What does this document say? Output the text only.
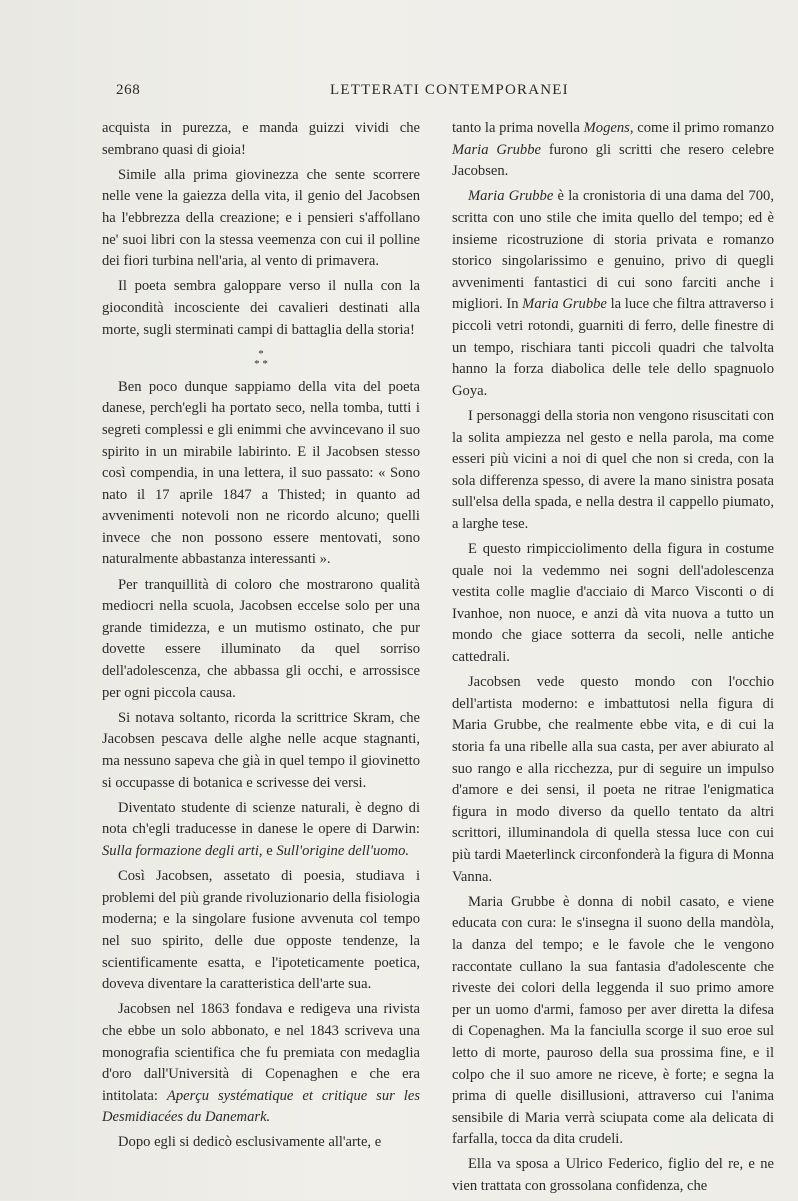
268	LETTERATI CONTEMPORANEI

acquista in purezza, e manda guizzi vividi che sembrano quasi di gioia!

Simile alla prima giovinezza che sente scorrere nelle vene la gaiezza della vita, il genio del Jacobsen ha l'ebbrezza della creazione; e i pensieri s'affollano ne' suoi libri con la stessa veemenza con cui il polline dei fiori turbina nell'aria, al vento di primavera.

Il poeta sembra galoppare verso il nulla con la giocondità incosciente dei cavalieri destinati alla morte, sugli sterminati campi di battaglia della storia!

*
* *

Ben poco dunque sappiamo della vita del poeta danese, perch'egli ha portato seco, nella tomba, tutti i segreti complessi e gli enimmi che avvincevano il suo spirito in un mirabile labirinto. E il Jacobsen stesso così compendia, in una lettera, il suo passato: « Sono nato il 17 aprile 1847 a Thisted; in quanto ad avvenimenti notevoli non ne ricordo alcuno; quelli invece che non possono essere mentovati, sono naturalmente abbastanza interessanti ».

Per tranquillità di coloro che mostrarono qualità mediocri nella scuola, Jacobsen eccelse solo per una grande timidezza, e un mutismo ostinato, che pur dovette essere illuminato da quel sorriso dell'adolescenza, che abbassa gli occhi, e arrossisce per ogni piccola causa.

Si notava soltanto, ricorda la scrittrice Skram, che Jacobsen pescava delle alghe nelle acque stagnanti, ma nessuno sapeva che già in quel tempo il giovinetto si occupasse di botanica e scrivesse dei versi.

Diventato studente di scienze naturali, è degno di nota ch'egli traducesse in danese le opere di Darwin: Sulla formazione degli arti, e Sull'origine dell'uomo.

Così Jacobsen, assetato di poesia, studiava i problemi del più grande rivoluzionario della fisiologia moderna; e la singolare fusione avvenuta col tempo nel suo spirito, delle due opposte tendenze, la scientificamente esatta, e l'ipoteticamente poetica, doveva diventare la caratteristica dell'arte sua.

Jacobsen nel 1863 fondava e redigeva una rivista che ebbe un solo abbonato, e nel 1843 scriveva una monografia scientifica che fu premiata con medaglia d'oro dall'Università di Copenaghen e che era intitolata: Aperçu systématique et critique sur les Desmidiacées du Danemark.

Dopo egli si dedicò esclusivamente all'arte, e

tanto la prima novella Mogens, come il primo romanzo Maria Grubbe furono gli scritti che resero celebre Jacobsen.

Maria Grubbe è la cronistoria di una dama del 700, scritta con uno stile che imita quello del tempo; ed è insieme ricostruzione di storia privata e romanzo storico singolarissimo e genuino, privo di quegli avvenimenti fantastici di cui sono farciti anche i migliori. In Maria Grubbe la luce che filtra attraverso i piccoli vetri rotondi, guarniti di ferro, delle finestre di un tempo, rischiara tanti piccoli quadri che talvolta hanno la forza diabolica delle tele dello spagnuolo Goya.

I personaggi della storia non vengono risuscitati con la solita ampiezza nel gesto e nella parola, ma come esseri più vicini a noi di quel che non si creda, con la sola differenza spesso, di avere la mano sinistra posata sull'elsa della spada, e nella destra il cappello piumato, a larghe tese.

E questo rimpicciolimento della figura in costume quale noi la vedemmo nei sogni dell'adolescenza vestita colle maglie d'acciaio di Marco Visconti o di Ivanhoe, non nuoce, e anzi dà vita nuova a tutto un mondo che giace sotterra da secoli, nelle antiche cattedrali.

Jacobsen vede questo mondo con l'occhio dell'artista moderno: e imbattutosi nella figura di Maria Grubbe, che realmente ebbe vita, e di cui la storia fa una ribelle alla sua casta, per aver abiurato al suo rango e alla ricchezza, pur di seguire un impulso d'amore e dei sensi, il poeta ne ritrae l'enigmatica figura in modo diverso da quello tentato da altri scrittori, illuminandola di quella stessa luce con cui più tardi Maeterlinck circonfonderà la figura di Monna Vanna.

Maria Grubbe è donna di nobil casato, e viene educata con cura: le s'insegna il suono della mandòla, la danza del tempo; e le favole che le vengono raccontate cullano la sua fantasia d'adolescente che riveste dei colori della leggenda il suo primo amore per un uomo d'armi, famoso per aver diretta la difesa di Copenaghen. Ma la fanciulla scorge il suo eroe sul letto di morte, pauroso della sua prossima fine, e il colpo che il suo amore ne riceve, è forte; e segna la prima di quelle disillusioni, attraverso cui l'anima sensibile di Maria verrà sciupata come ala delicata di farfalla, tocca da dita crudeli.

Ella va sposa a Ulrico Federico, figlio del re, e ne vien trattata con grossolana confidenza, che
